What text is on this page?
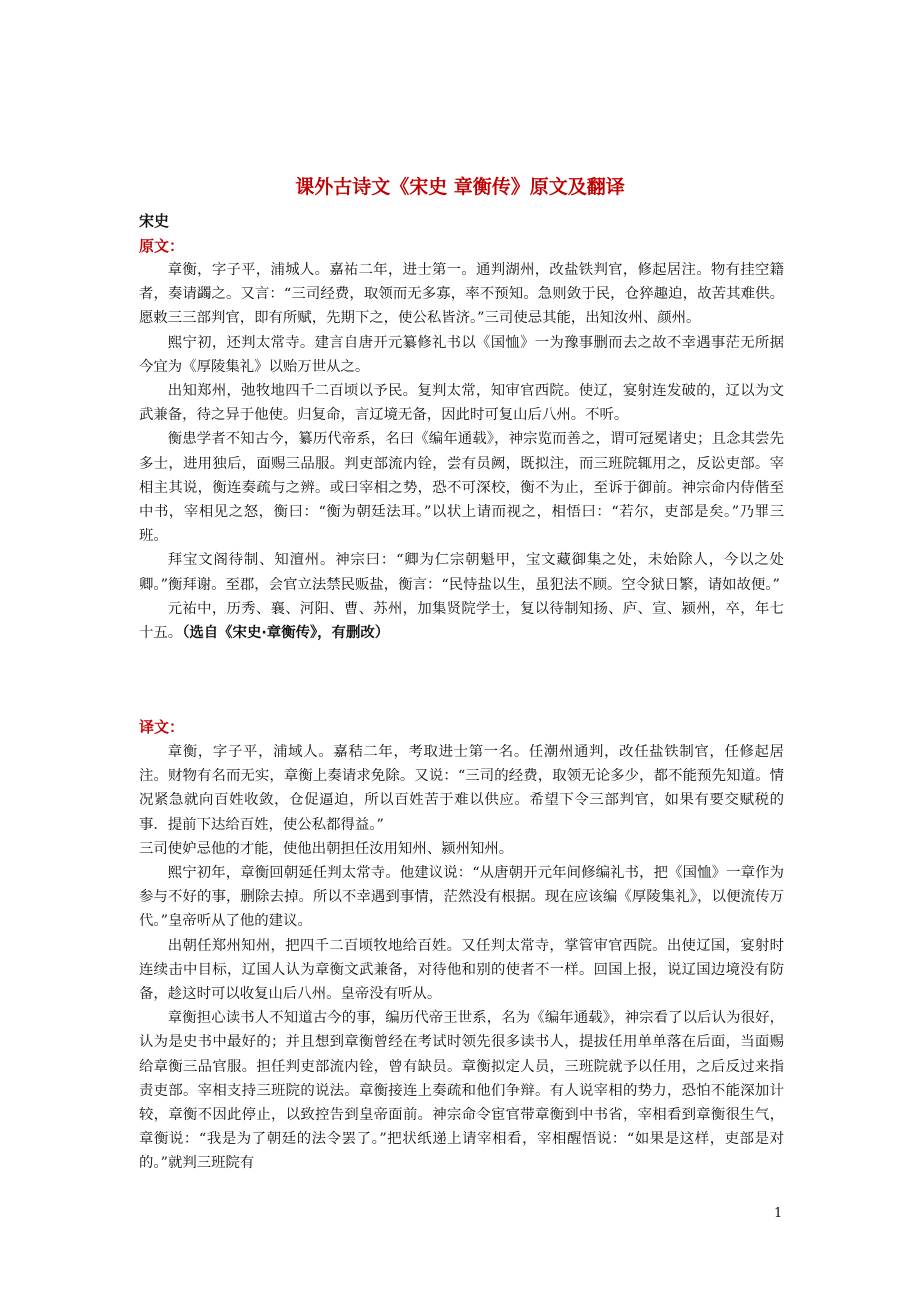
课外古诗文《宋史 章衡传》原文及翻译
宋史
原文：

章衡，字子平，浦城人。嘉祐二年，进士第一。通判湖州，改盐铁判官，修起居注。物有挂空籍者，奏请蠲之。又言：“三司经费，取领而无多寡，率不预知。急则敛于民，仓猝趣迫，故苦其难供。愿敕三三部判官，即有所赋，先期下之，使公私皆济。”三司使忌其能，出知汝州、颜州。

熙宁初，还判太常寺。建言自唐开元纂修礼书以《国恤》一为豫事删而去之故不幸遇事茫无所据今宜为《厚陵集礼》以贻万世从之。

出知郑州，弛牧地四千二百顷以予民。复判太常，知审官西院。使辽，宴射连发破的，辽以为文武兼备，待之异于他使。归复命，言辽境无备，因此时可复山后八州。不听。

衡患学者不知古今，纂历代帝系，名曰《编年通载》，神宗览而善之，谓可冠冕诸史；且念其尝先多士，进用独后，面赐三品服。判吏部流内铨，尝有员阙，既拟注，而三班院辄用之，反讼吏部。宰相主其说，衡连奏疏与之辨。或曰宰相之势，恐不可深校，衡不为止，至诉于御前。神宗命内侍偕至中书，宰相见之怒，衡曰：“衡为朝廷法耳。”以状上请而视之，相悟曰：“若尔，吏部是矣。”乃罪三班。

拜宝文阁待制、知澶州。神宗曰：“卿为仁宗朝魁甲，宝文藏御集之处，未始除人，今以之处卿。”衡拜谢。至郡，会官立法禁民贩盐，衡言：“民恃盐以生，虽犯法不顾。空令狱日繁，请如故便。”

元祐中，历秀、襄、河阳、曹、苏州，加集贤院学士，复以待制知扬、庐、宣、颍州，卒，年七十五。（选自《宋史·章衡传》，有删改）

译文：

章衡，字子平，浦域人。嘉秸二年，考取进士第一名。任潮州通判，改任盐铁制官，任修起居注。财物有名而无实，章衡上奏请求免除。又说：“三司的经费，取领无论多少，都不能预先知道。情况紧急就向百姓收敛，仓促逼迫，所以百姓苦于难以供应。希望下令三部判官，如果有要交赋税的事．提前下达给百姓，使公私都得益。”

三司使妒忌他的才能，使他出朝担任汝用知州、颍州知州。

熙宁初年，章衡回朝延任判太常寺。他建议说：“从唐朝开元年间修编礼书，把《国恤》一章作为参与不好的事，删除去掉。所以不幸遇到事情，茫然没有根据。现在应该编《厚陵集礼》，以便流传万代。”皇帝听从了他的建议。

出朝任郑州知州，把四千二百顷牧地给百姓。又任判太常寺，掌管审官西院。出使辽国，宴射时连续击中目标，辽国人认为章衡文武兼备，对待他和别的使者不一样。回国上报，说辽国边境没有防备，趁这时可以收复山后八州。皇帝没有听从。

章衡担心读书人不知道古今的事，编历代帝王世系，名为《编年通载》，神宗看了以后认为很好，认为是史书中最好的；并且想到章衡曾经在考试时领先很多读书人，提拔任用单单落在后面，当面赐给章衡三品官服。担任判吏部流内铨，曾有缺员。章衡拟定人员，三班院就予以任用，之后反过来指责吏部。宰相支持三班院的说法。章衡接连上奏疏和他们争辩。有人说宰相的势力，恐怕不能深加计较，章衡不因此停止，以致控告到皇帝面前。神宗命令宦官带章衡到中书省，宰相看到章衡很生气，章衡说：“我是为了朝廷的法令罢了。”把状纸递上请宰相看，宰相醒悟说：“如果是这样，吏部是对的。”就判三班院有

1
